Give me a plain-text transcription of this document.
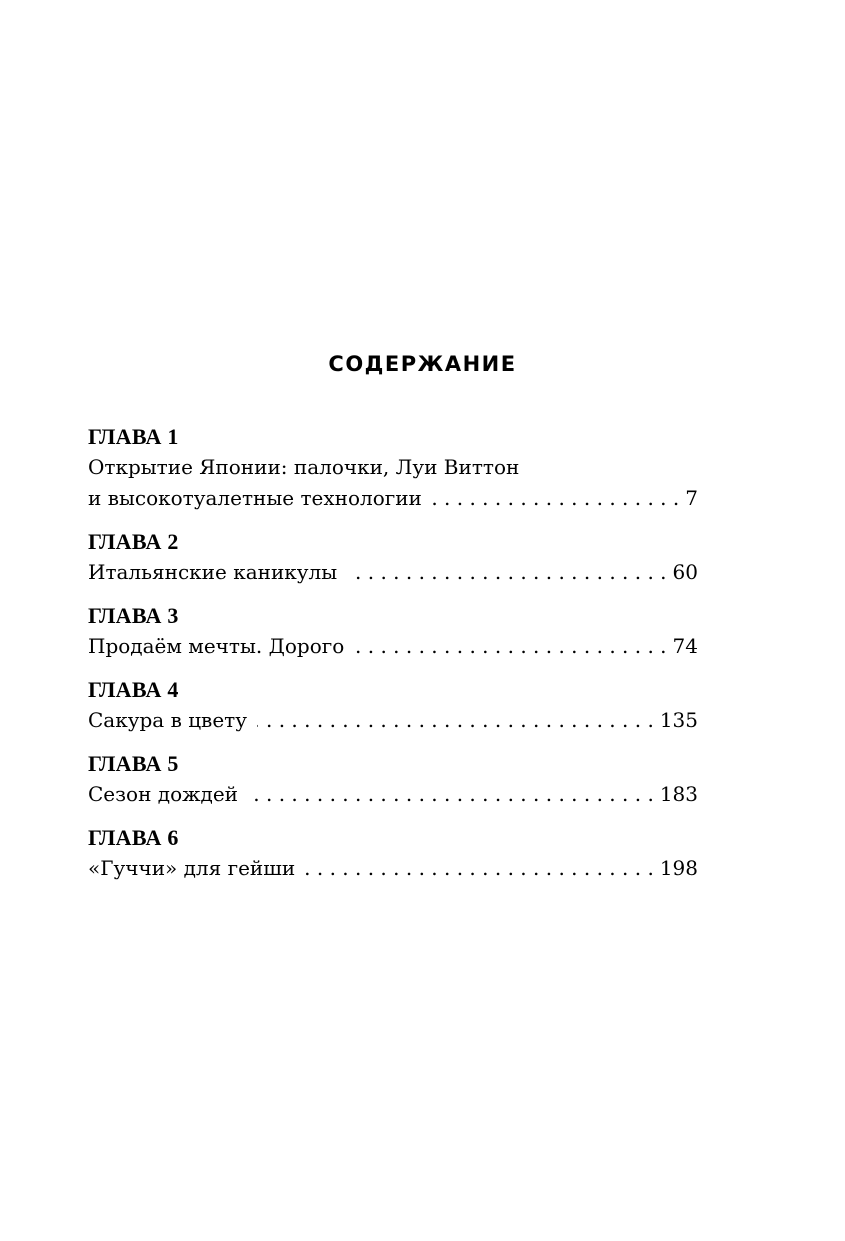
СОДЕРЖАНИЕ
ГЛАВА 1
Открытие Японии: палочки, Луи Виттон
и высокотуалетные технологии . . .	7
ГЛАВА 2
Итальянские каникулы . . .	60
ГЛАВА 3
Продаём мечты. Дорого . . .	74
ГЛАВА 4
Сакура в цвету . . .	135
ГЛАВА 5
Сезон дождей . . .	183
ГЛАВА 6
«Гуччи» для гейши . . .	198
